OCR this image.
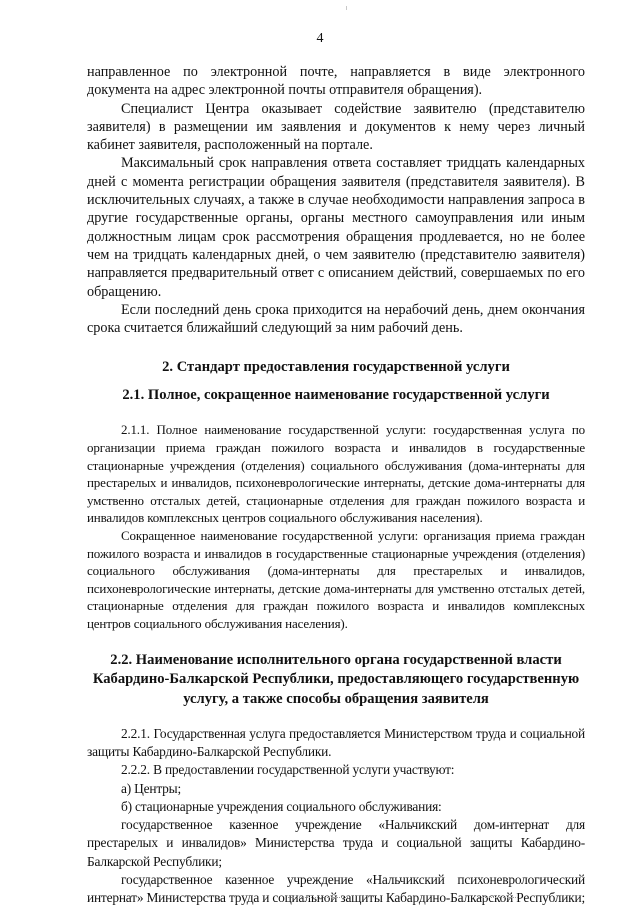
4

направленное по электронной почте, направляется в виде электронного документа на адрес электронной почты отправителя обращения).

Специалист Центра оказывает содействие заявителю (представителю заявителя) в размещении им заявления и документов к нему через личный кабинет заявителя, расположенный на портале.

Максимальный срок направления ответа составляет тридцать календарных дней с момента регистрации обращения заявителя (представителя заявителя). В исключительных случаях, а также в случае необходимости направления запроса в другие государственные органы, органы местного самоуправления или иным должностным лицам срок рассмотрения обращения продлевается, но не более чем на тридцать календарных дней, о чем заявителю (представителю заявителя) направляется предварительный ответ с описанием действий, совершаемых по его обращению.

Если последний день срока приходится на нерабочий день, днем окончания срока считается ближайший следующий за ним рабочий день.

2. Стандарт предоставления государственной услуги
2.1. Полное, сокращенное наименование государственной услуги

2.1.1. Полное наименование государственной услуги: государственная услуга по организации приема граждан пожилого возраста и инвалидов в государственные стационарные учреждения (отделения) социального обслуживания (дома-интернаты для престарелых и инвалидов, психоневрологические интернаты, детские дома-интернаты для умственно отсталых детей, стационарные отделения для граждан пожилого возраста и инвалидов комплексных центров социального обслуживания населения).

Сокращенное наименование государственной услуги: организация приема граждан пожилого возраста и инвалидов в государственные стационарные учреждения (отделения) социального обслуживания (дома-интернаты для престарелых и инвалидов, психоневрологические интернаты, детские дома-интернаты для умственно отсталых детей, стационарные отделения для граждан пожилого возраста и инвалидов комплексных центров социального обслуживания населения).

2.2. Наименование исполнительного органа государственной власти Кабардино-Балкарской Республики, предоставляющего государственную услугу, а также способы обращения заявителя

2.2.1. Государственная услуга предоставляется Министерством труда и социальной защиты Кабардино-Балкарской Республики.

2.2.2. В предоставлении государственной услуги участвуют:

а) Центры;

б) стационарные учреждения социального обслуживания:

государственное казенное учреждение «Нальчикский дом-интернат для престарелых и инвалидов» Министерства труда и социальной защиты Кабардино-Балкарской Республики;

государственное казенное учреждение «Нальчикский психоневрологический интернат» Министерства труда и социальной защиты Кабардино-Балкарской Республики;
